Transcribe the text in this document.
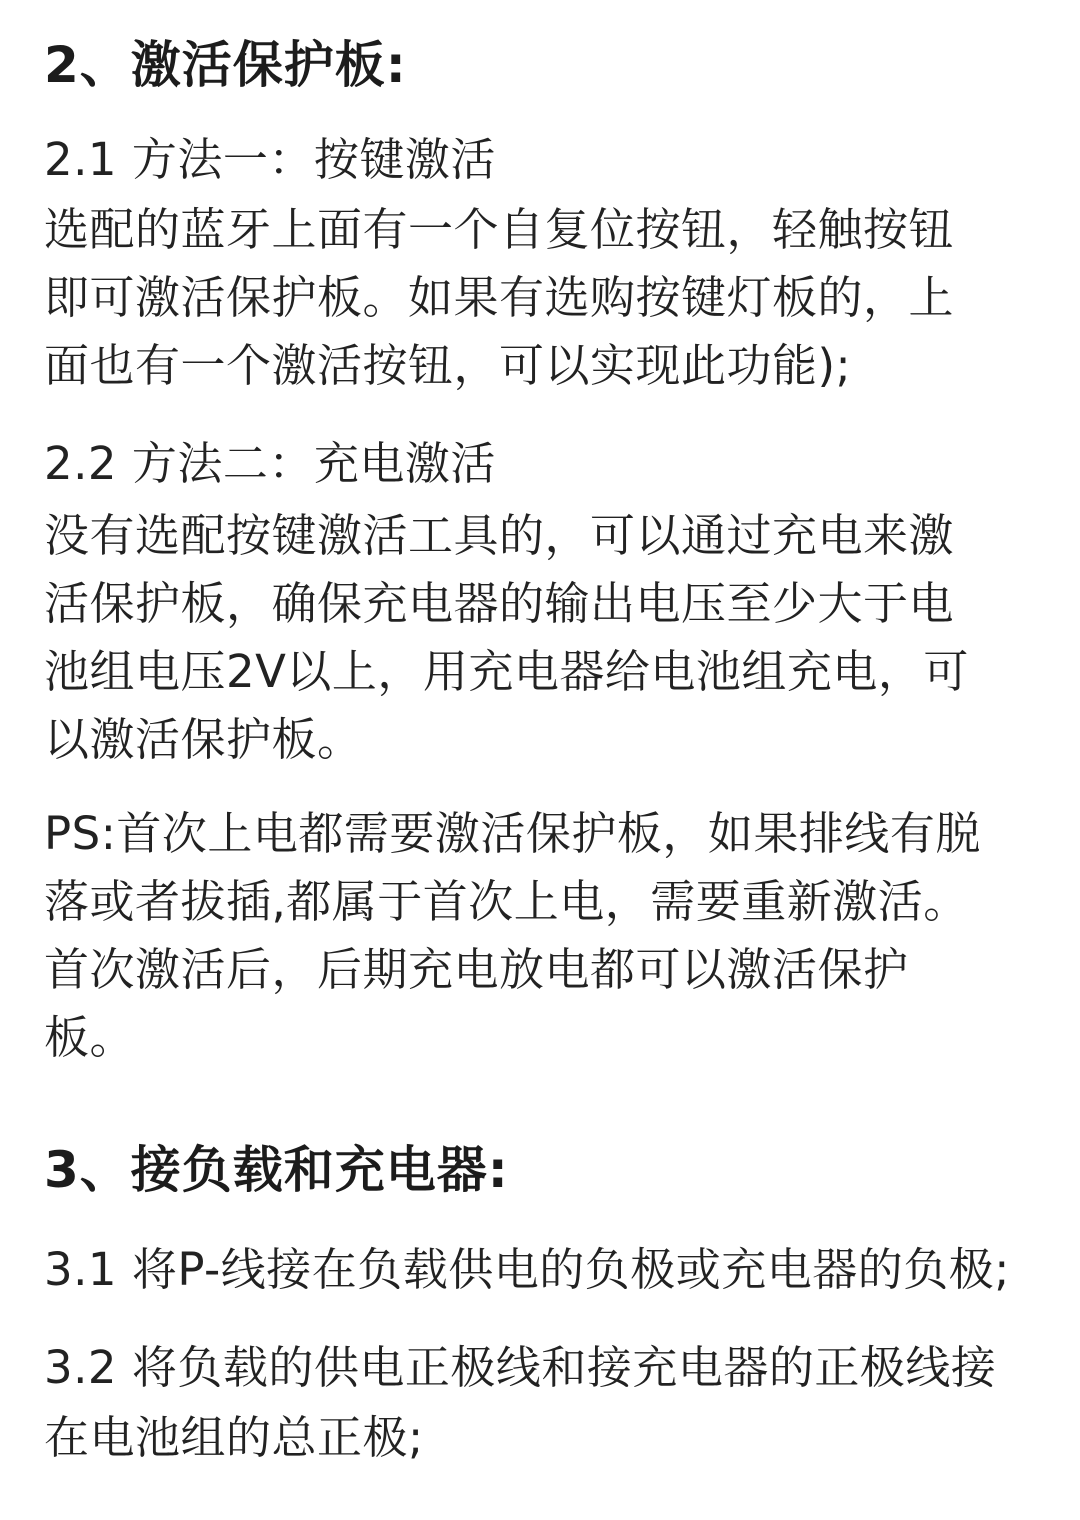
2、激活保护板:
2.1 方法一：按键激活
选配的蓝牙上面有一个自复位按钮，轻触按钮
即可激活保护板。如果有选购按键灯板的，上
面也有一个激活按钮，可以实现此功能);
2.2 方法二：充电激活
没有选配按键激活工具的，可以通过充电来激
活保护板，确保充电器的输出电压至少大于电
池组电压2V以上，用充电器给电池组充电，可
以激活保护板。
PS:首次上电都需要激活保护板，如果排线有脱
落或者拔插,都属于首次上电，需要重新激活。
首次激活后，后期充电放电都可以激活保护
板。
3、接负载和充电器:
3.1 将P-线接在负载供电的负极或充电器的负极;
3.2 将负载的供电正极线和接充电器的正极线接
在电池组的总正极;
